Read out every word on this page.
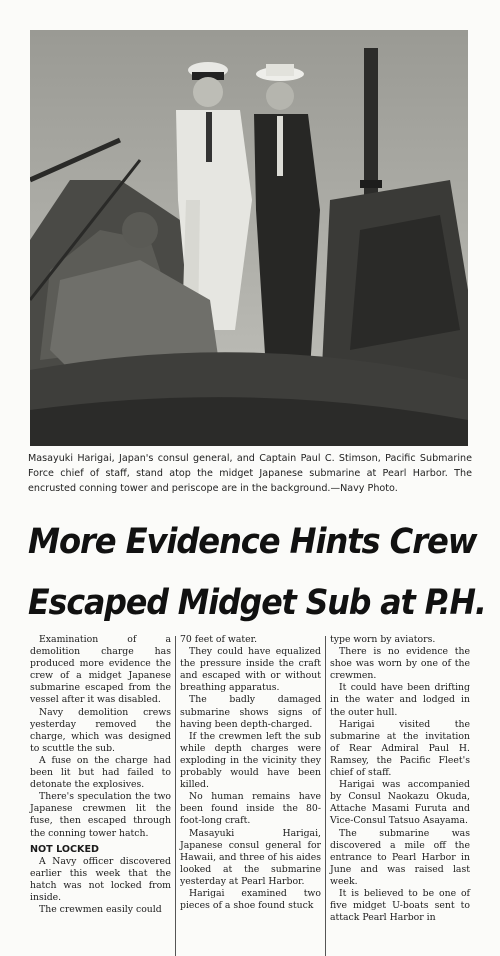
Masayuki Harigai, Japan's consul general, and Captain Paul C. Stimson, Pacific Submarine Force chief of staff, stand atop the midget Japanese submarine at Pearl Harbor. The encrusted conning tower and periscope are in the background.—Navy Photo.
More Evidence Hints Crew
Escaped Midget Sub at P.H.

Examination of a demolition charge has produced more evidence the crew of a midget Japanese submarine escaped from the vessel after it was disabled.

Navy demolition crews yesterday removed the charge, which was designed to scuttle the sub.

A fuse on the charge had been lit but had failed to detonate the explosives.

There's speculation the two Japanese crewmen lit the fuse, then escaped through the conning tower hatch.

NOT LOCKED

A Navy officer discovered earlier this week that the hatch was not locked from inside.

The crewmen easily could

70 feet of water.

They could have equalized the pressure inside the craft and escaped with or without breathing apparatus.

The badly damaged submarine shows signs of having been depth-charged.

If the crewmen left the sub while depth charges were exploding in the vicinity they probably would have been killed.

No human remains have been found inside the 80-foot-long craft.

Masayuki Harigai, Japanese consul general for Hawaii, and three of his aides looked at the submarine yesterday at Pearl Harbor.

Harigai examined two pieces of a shoe found stuck

type worn by aviators.

There is no evidence the shoe was worn by one of the crewmen.

It could have been drifting in the water and lodged in the outer hull.

Harigai visited the submarine at the invitation of Rear Admiral Paul H. Ramsey, the Pacific Fleet's chief of staff.

Harigai was accompanied by Consul Naokazu Okuda, Attache Masami Furuta and Vice-Consul Tatsuo Asayama.

The submarine was discovered a mile off the entrance to Pearl Harbor in June and was raised last week.

It is believed to be one of five midget U-boats sent to attack Pearl Harbor in
